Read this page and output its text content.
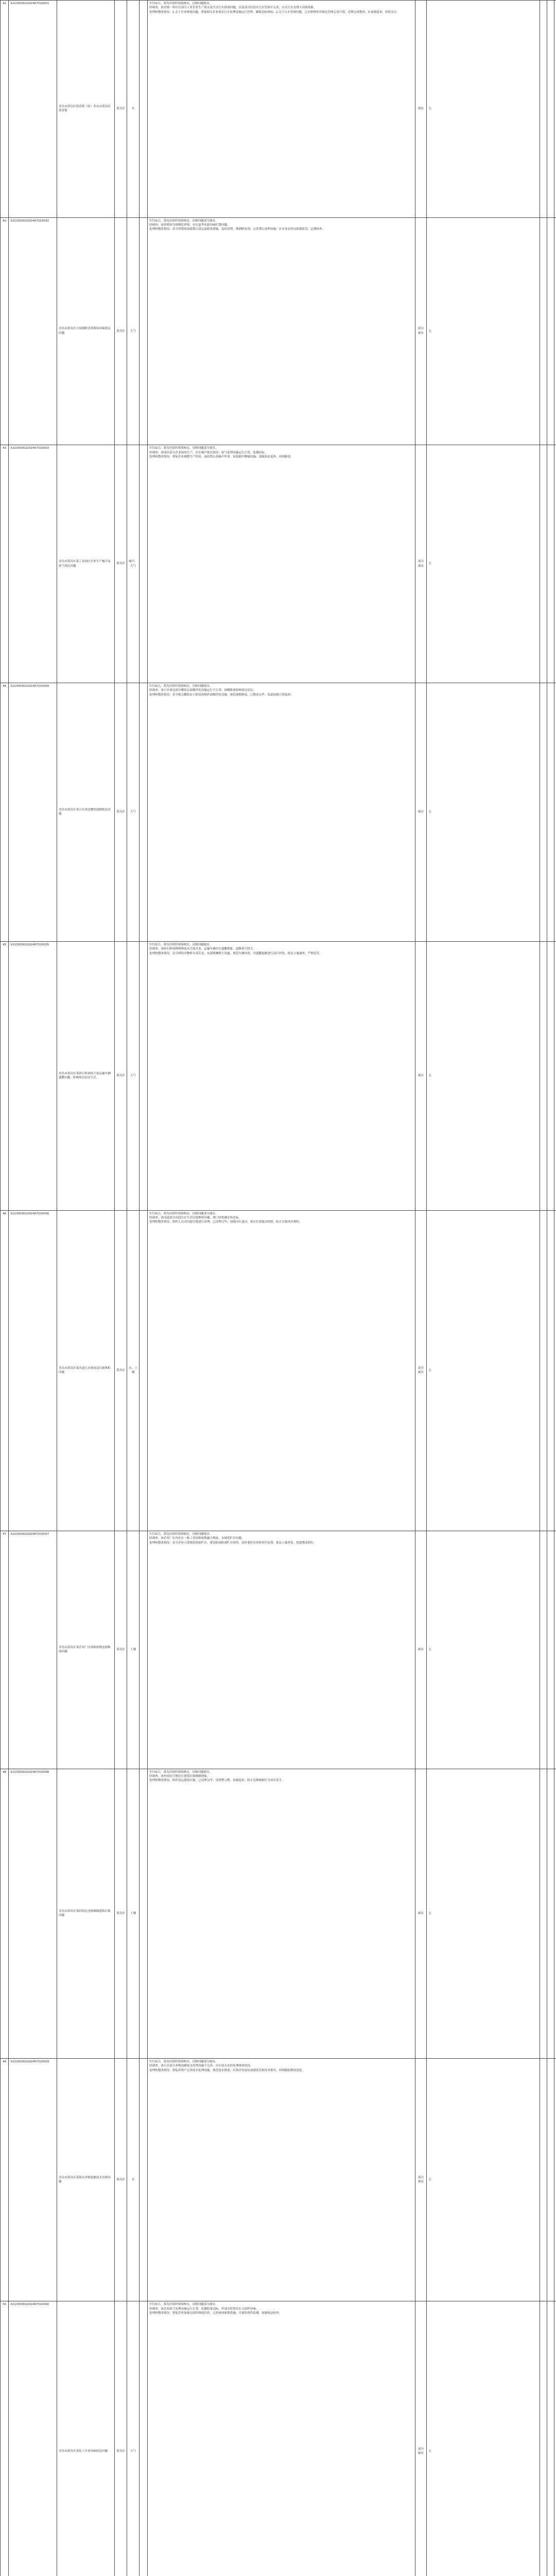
41	X21330302202407310031	青岛市黄岛区海青镇（原）青岛市黄岛区海青镇	黄岛区	水		7月31日，黄岛区组织现场核实，反映问题属实。
经调查，海青镇一带存在部分工业企业生产废水及生活污水排放问题，以及部分居民区污水管网不完善，存在污水直排入沟渠现象。
处理和整改情况：1.关于企业排放问题，督促相关企业落实污水处理设施运行管理，确保达标排放；2.关于污水管网问题，已安排排查并制定管网完善计划，近期完成整改；3.加强巡查，持续关注。	属实	无			
42	X21330302202407310032	青岛市黄岛区大场镇附近养殖场异味扰民问题	黄岛区	大气		7月31日，黄岛区组织现场核实，反映问题部分属实。
经调查，该养殖场为规模化养殖，存在夏季高温异味扩散问题。
处理和整改情况：责令养殖场加强粪污清运及除臭措施，及时清理，喷洒除臭剂，完善粪污处理设施；区农业农村局加强监管，定期检查。	部分属实	无			
43	X21330302202407310033	青岛市黄岛区某工业园区企业生产噪声及废气扰民问题	黄岛区	噪声、大气		7月31日，黄岛区组织现场核实，反映问题部分属实。
经调查，该园区部分企业夜间生产，存在噪声扰民情况；废气处理设施运行正常，监测达标。
处理和整改情况：督促企业调整生产时间，夜间禁止高噪声作业，加装隔声降噪设施；加强执法巡查，持续跟进。	部分属实	无			
44	X21330302202407310034	青岛市黄岛区某小区周边餐饮油烟扰民问题	黄岛区	大气		7月31日，黄岛区组织现场核实，反映问题属实。
经调查，该小区周边部分餐饮店油烟净化设施运行不正常，油烟排放影响周边居民。
处理和整改情况：责令相关餐饮店立即清洗维护油烟净化设施，规范油烟排放，已整改完毕；街道加强日常巡查。	属实	无			
45	X21330302202407310035	青岛市黄岛区某砂石料场扬尘及运输车辆遗撒问题，影响周边居民生活。	黄岛区	大气		7月31日，黄岛区组织现场核实，反映问题属实。
经调查，该砂石料场物料堆放未全部苫盖，运输车辆存在遗撒现象，道路扬尘较大。
处理和整改情况：责令料场对物料全部苫盖，安装喷淋降尘设施，规范车辆冲洗；对遗撒道路进行清扫冲洗；依法立案调查，严格监管。	属实	无			
46	X21330302202407310036	青岛市黄岛区某河道污水排放及垃圾堆积问题	黄岛区	水、土壤		7月31日，黄岛区组织现场核实，反映问题部分属实。
经调查，该河道部分河段存在生活垃圾堆积问题，排口经检测水质达标。
处理和整改情况：组织人员对河道垃圾进行清理，已清理完毕；加强河长巡河，落实长效保洁机制，防止垃圾再次堆积。	部分属实	无			
47	X21330302202407310037	青岛市黄岛区某企业厂区固体废物违规堆放问题	黄岛区	土壤		7月31日，黄岛区组织现场核实，反映问题属实。
经调查，该企业厂区内存在一般工业固体废物露天堆放、未规范贮存问题。
处理和整改情况：责令企业立即规范固废贮存，建设防雨防渗贮存场所，及时委托有资质单位处置；依法立案查处，督促整改到位。	属实	无			
48	X21330302202407310038	青岛市黄岛区某村周边违规倾倒建筑垃圾问题	黄岛区	土壤		7月31日，黄岛区组织现场核实，反映问题属实。
经调查，该村周边空地存在建筑垃圾倾倒现象。
处理和整改情况：组织清运建筑垃圾，已清理完毕；设置警示牌，加强巡查，防止违规倾倒行为再次发生。	属实	无			
49	X21330302202407310039	青岛市黄岛区某海水养殖池塘尾水直排问题	黄岛区	水		7月31日，黄岛区组织现场核实，反映问题部分属实。
经调查，该片区部分养殖池塘尾水处理设施不完善，存在尾水未经处理排放情况。
处理和整改情况：督促养殖户完善尾水处理设施，规范尾水排放；区海洋发展局加强监管和技术指导，持续跟踪整改进度。	部分属实	无			
50	X21330302202407310040	青岛市黄岛区某化工企业异味扰民问题	黄岛区	大气		7月31日，黄岛区组织现场核实，反映问题部分属实。
经调查，该企业废气处理设施运行正常，监测结果达标，但部分时段存在无组织异味。
处理和整改情况：督促企业加强无组织排放管控，完善密闭收集措施；开展监督性监测，加强执法检查。	部分属实	无			
